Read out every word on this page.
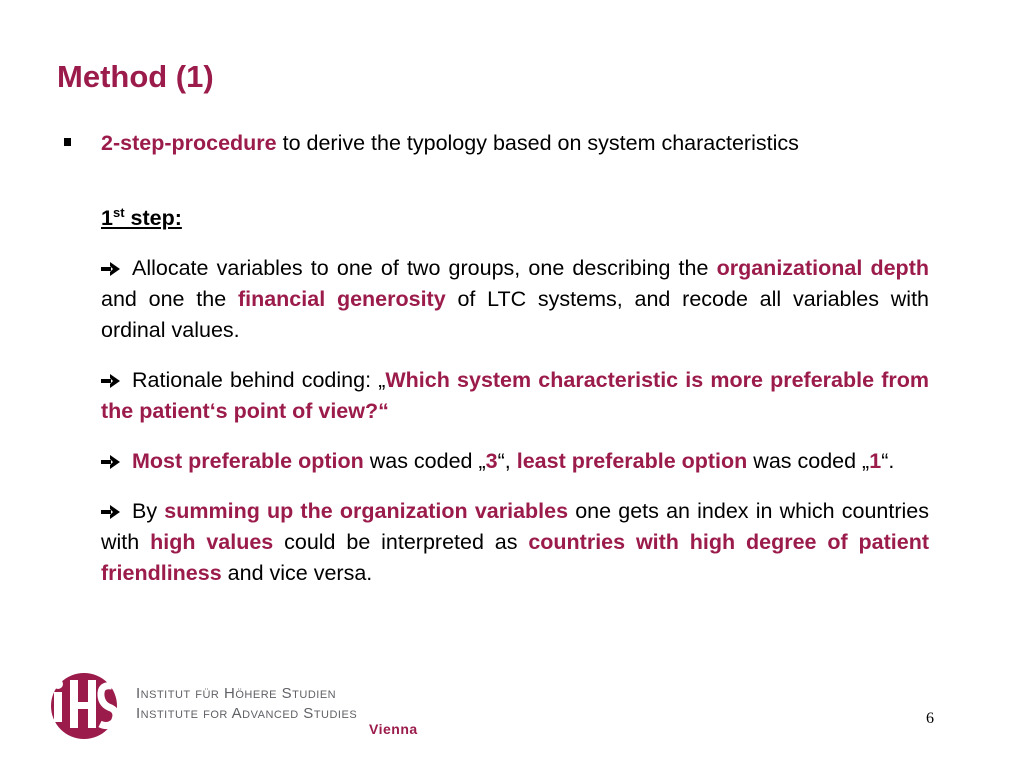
Method (1)

2-step-procedure to derive the typology based on system characteristics

1st step:

Allocate variables to one of two groups, one describing the organizational depth and one the financial generosity of LTC systems, and recode all variables with ordinal values.

Rationale behind coding: „Which system characteristic is more preferable from the patient‘s point of view?“

Most preferable option was coded „3“, least preferable option was coded „1“.

By summing up the organization variables one gets an index in which countries with high values could be interpreted as countries with high degree of patient friendliness and vice versa.

Institut für Höhere Studien
Institute for Advanced Studies
Vienna
6
